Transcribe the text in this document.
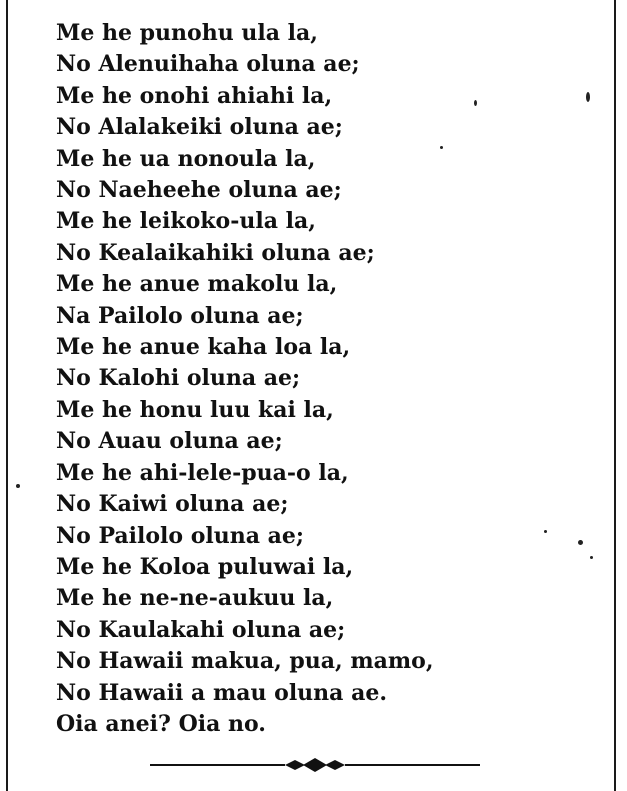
Me he punohu ula la,
No Alenuihaha oluna ae;
Me he onohi ahiahi la,
No Alalakeiki oluna ae;
Me he ua nonoula la,
No Naeheehe oluna ae;
Me he leikoko-ula la,
No Kealaikahiki oluna ae;
Me he anue makolu la,
Na Pailolo oluna ae;
Me he anue kaha loa la,
No Kalohi oluna ae;
Me he honu luu kai la,
No Auau oluna ae;
Me he ahi-lele-pua-o la,
No Kaiwi oluna ae;
No Pailolo oluna ae;
Me he Koloa puluwai la,
Me he ne-ne-aukuu la,
No Kaulakahi oluna ae;
No Hawaii makua, pua, mamo,
No Hawaii a mau oluna ae.
Oia anei? Oia no.
